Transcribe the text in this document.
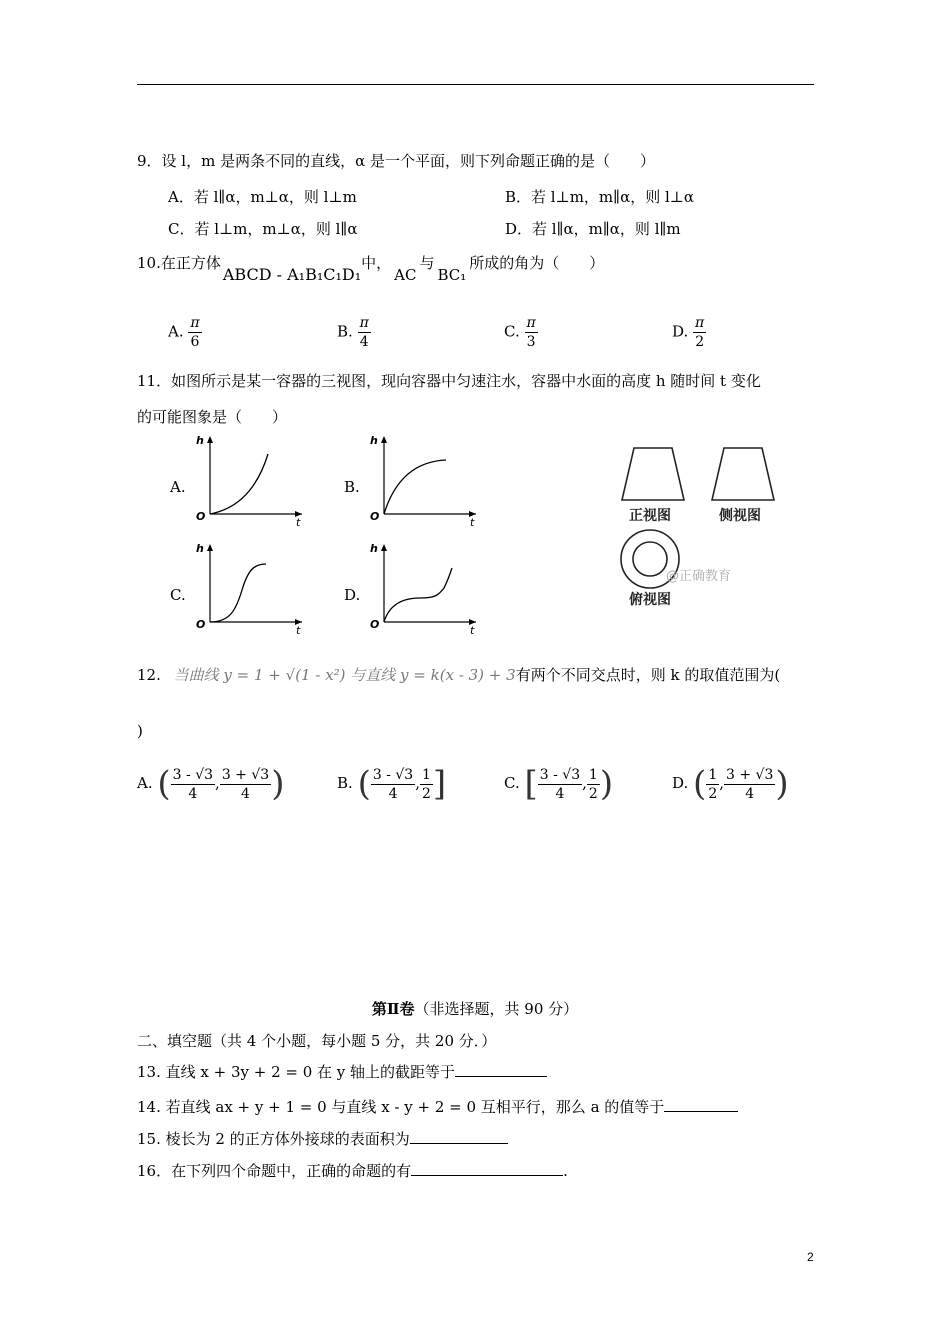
9．设 l，m 是两条不同的直线，α 是一个平面，则下列命题正确的是（　　）
A．若 l∥α，m⊥α，则 l⊥m	B．若 l⊥m，m∥α，则 l⊥α
C．若 l⊥m，m⊥α，则 l∥α	D．若 l∥α，m∥α，则 l∥m
10.在正方体ABCD - A₁B₁C₁D₁中，AC与BC₁所成的角为（　　）
A. $\frac{\pi}{6}$	B. $\frac{\pi}{4}$	C. $\frac{\pi}{3}$	D. $\frac{\pi}{2}$
11．如图所示是某一容器的三视图，现向容器中匀速注水，容器中水面的高度 h 随时间 t 变化
的可能图象是（　　）
A.
h
O	t
B.
h
O	t
C.
h
O	t
D.
h
O	t
正视图	侧视图
@正确教育
俯视图
12. 当曲线 y = 1 + √(1 - x²) 与直线 y = k(x - 3) + 3有两个不同交点时，则 k 的取值范围为(
)
A. ( $\frac{3 - √3}{4}$ , $\frac{3 + √3}{4}$ )	B. ( $\frac{3 - √3}{4}$ , $\frac{1}{2}$ ]	C. [ $\frac{3 - √3}{4}$ , $\frac{1}{2}$ )	D. ( $\frac{1}{2}$ , $\frac{3 + √3}{4}$ )
第Ⅱ卷（非选择题，共 90 分）
二、填空题（共 4 个小题，每小题 5 分，共 20 分．）
13. 直线 x + 3y + 2 = 0 在 y 轴上的截距等于
14. 若直线 ax + y + 1 = 0 与直线 x - y + 2 = 0 互相平行，那么 a 的值等于
15. 棱长为 2 的正方体外接球的表面积为
16．在下列四个命题中，正确的命题的有	.
2
